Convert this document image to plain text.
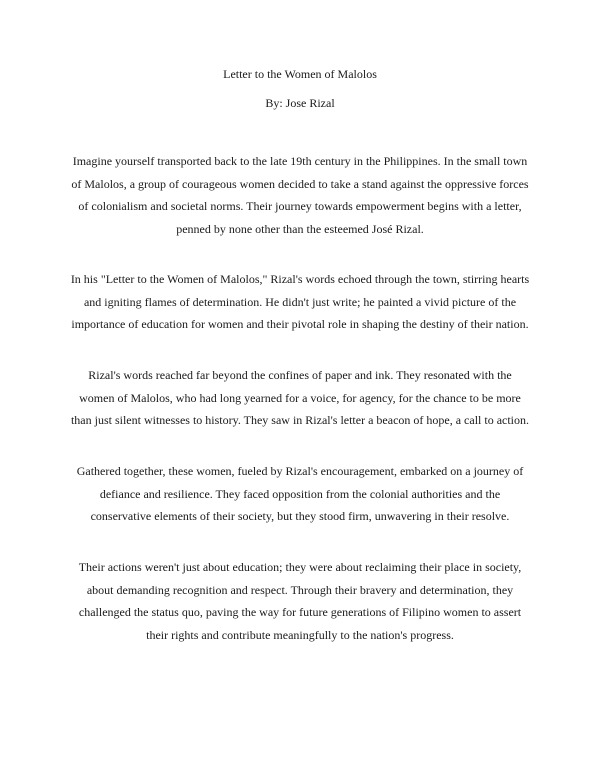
Letter to the Women of Malolos
By: Jose Rizal

Imagine yourself transported back to the late 19th century in the Philippines. In the small town of Malolos, a group of courageous women decided to take a stand against the oppressive forces of colonialism and societal norms. Their journey towards empowerment begins with a letter, penned by none other than the esteemed José Rizal.

In his "Letter to the Women of Malolos," Rizal's words echoed through the town, stirring hearts and igniting flames of determination. He didn't just write; he painted a vivid picture of the importance of education for women and their pivotal role in shaping the destiny of their nation.

Rizal's words reached far beyond the confines of paper and ink. They resonated with the women of Malolos, who had long yearned for a voice, for agency, for the chance to be more than just silent witnesses to history. They saw in Rizal's letter a beacon of hope, a call to action.

Gathered together, these women, fueled by Rizal's encouragement, embarked on a journey of defiance and resilience. They faced opposition from the colonial authorities and the conservative elements of their society, but they stood firm, unwavering in their resolve.

Their actions weren't just about education; they were about reclaiming their place in society, about demanding recognition and respect. Through their bravery and determination, they challenged the status quo, paving the way for future generations of Filipino women to assert their rights and contribute meaningfully to the nation's progress.
